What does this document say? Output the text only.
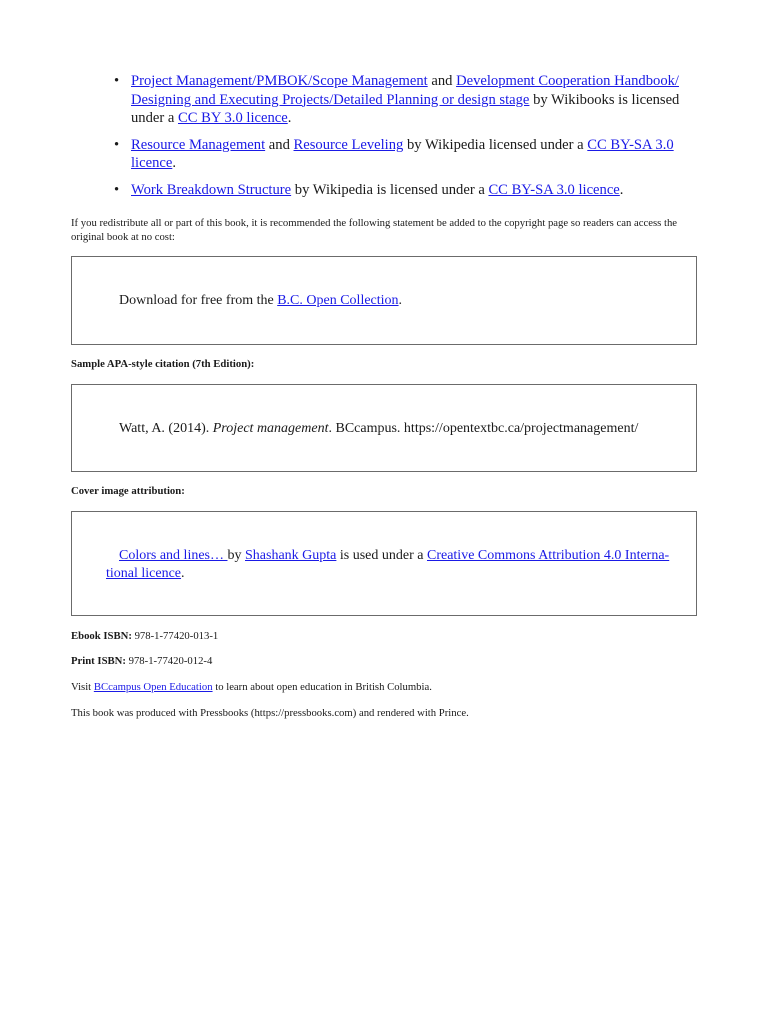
• Project Management/PMBOK/Scope Management and Development Cooperation Handbook/ Designing and Executing Projects/Detailed Planning or design stage by Wikibooks is licensed under a CC BY 3.0 licence.
• Resource Management and Resource Leveling by Wikipedia licensed under a CC BY-SA 3.0 licence.
• Work Breakdown Structure by Wikipedia is licensed under a CC BY-SA 3.0 licence.
If you redistribute all or part of this book, it is recommended the following statement be added to the copyright page so readers can access the original book at no cost:
Download for free from the B.C. Open Collection.
Sample APA-style citation (7th Edition):
Watt, A. (2014). Project management. BCcampus. https://opentextbc.ca/projectmanagement/
Cover image attribution:
Colors and lines… by Shashank Gupta is used under a Creative Commons Attribution 4.0 Interna-
tional licence.
Ebook ISBN: 978-1-77420-013-1
Print ISBN: 978-1-77420-012-4
Visit BCcampus Open Education to learn about open education in British Columbia.
This book was produced with Pressbooks (https://pressbooks.com) and rendered with Prince.
